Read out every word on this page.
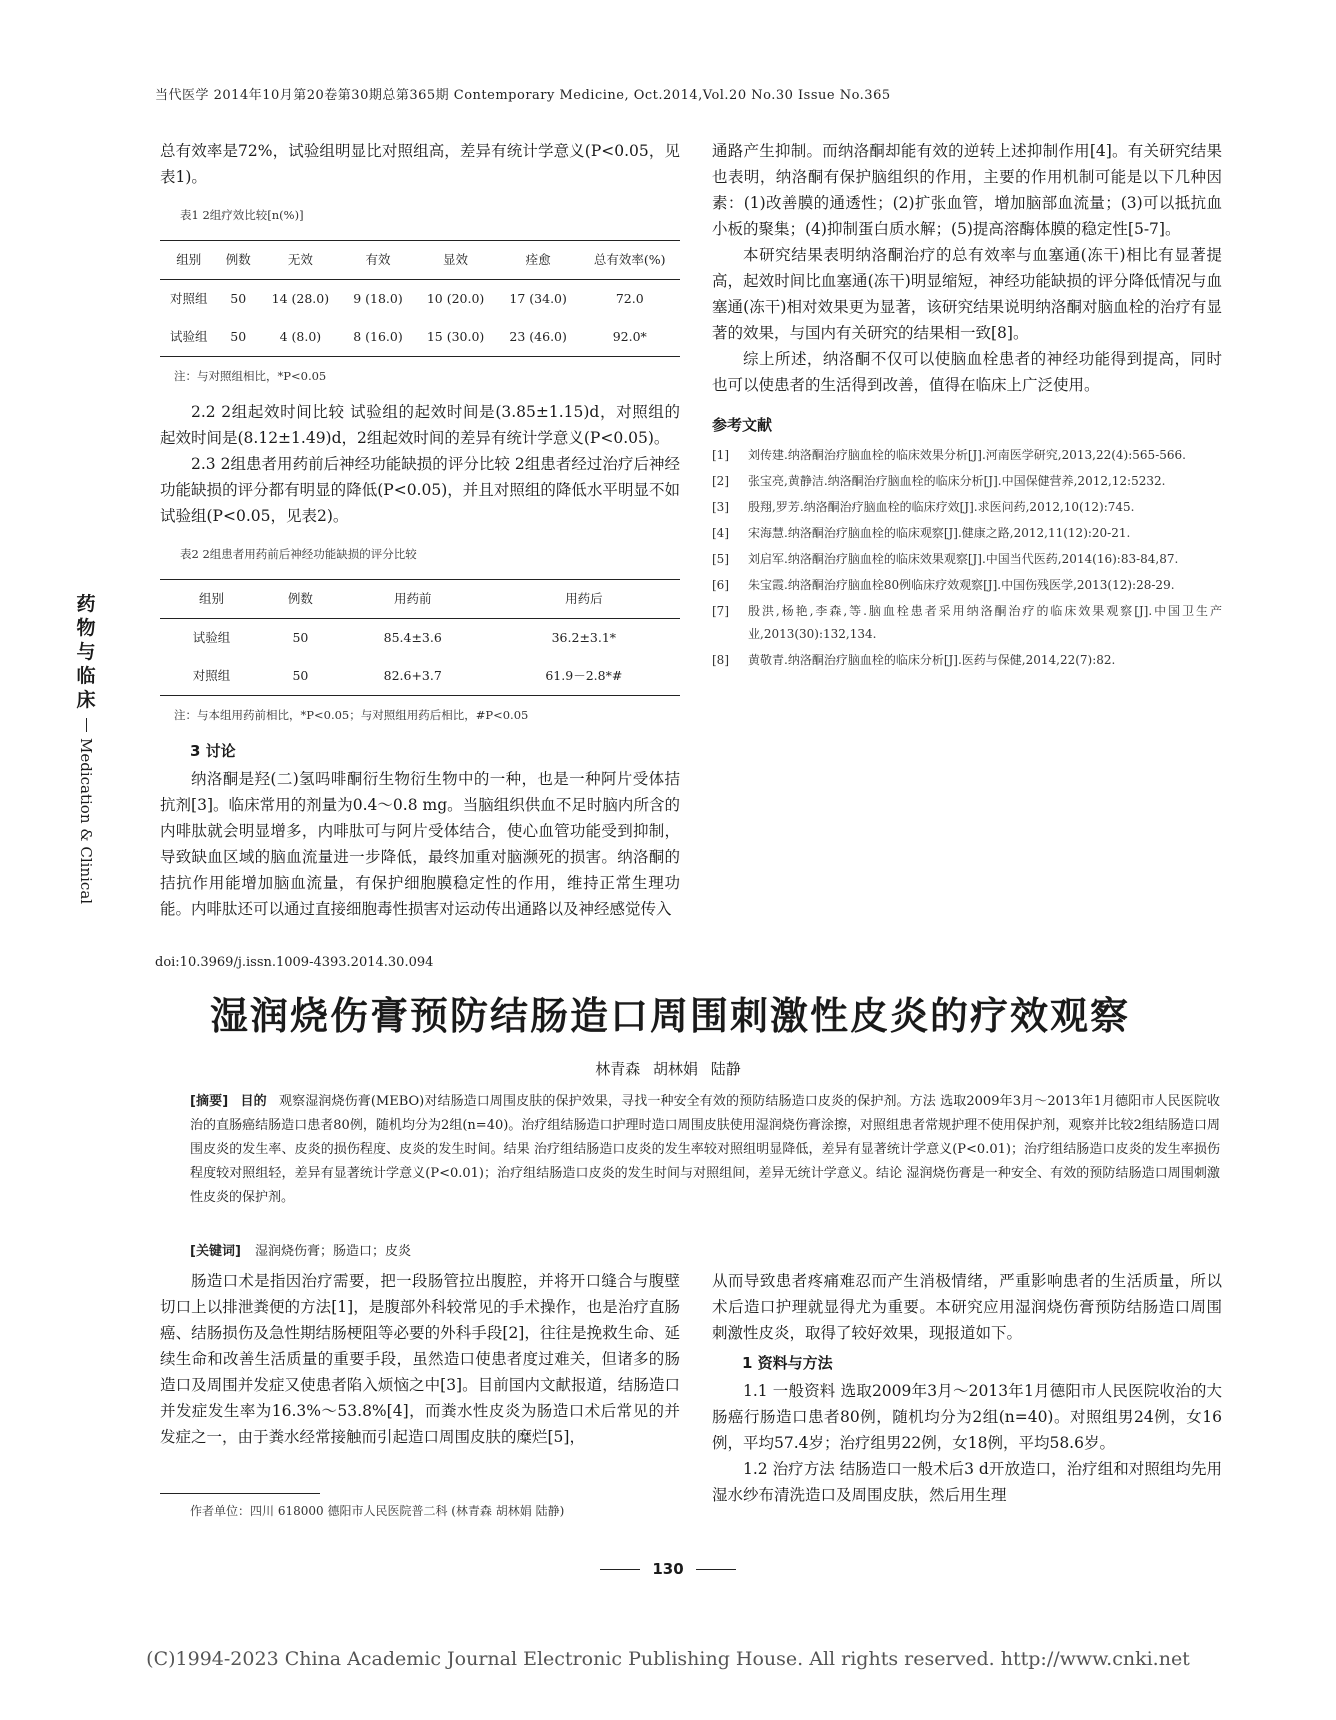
当代医学 2014年10月第20卷第30期总第365期 Contemporary Medicine, Oct.2014,Vol.20 No.30 Issue No.365

总有效率是72%，试验组明显比对照组高，差异有统计学意义(P<0.05，见表1)。

表1 2组疗效比较[n(%)]
组别	例数	无效	有效	显效	痊愈	总有效率(%)
对照组	50	14 (28.0)	9 (18.0)	10 (20.0)	17 (34.0)	72.0
试验组	50	4 (8.0)	8 (16.0)	15 (30.0)	23 (46.0)	92.0*
注：与对照组相比，*P<0.05

2.2 2组起效时间比较 试验组的起效时间是(3.85±1.15)d，对照组的起效时间是(8.12±1.49)d，2组起效时间的差异有统计学意义(P<0.05)。

2.3 2组患者用药前后神经功能缺损的评分比较 2组患者经过治疗后神经功能缺损的评分都有明显的降低(P<0.05)，并且对照组的降低水平明显不如试验组(P<0.05，见表2)。

表2 2组患者用药前后神经功能缺损的评分比较
组别	例数	用药前	用药后
试验组	50	85.4±3.6	36.2±3.1*
对照组	50	82.6+3.7	61.9－2.8*#
注：与本组用药前相比，*P<0.05；与对照组用药后相比，#P<0.05
3 讨论

纳洛酮是羟(二)氢吗啡酮衍生物衍生物中的一种，也是一种阿片受体拮抗剂[3]。临床常用的剂量为0.4～0.8 mg。当脑组织供血不足时脑内所含的内啡肽就会明显增多，内啡肽可与阿片受体结合，使心血管功能受到抑制，导致缺血区域的脑血流量进一步降低，最终加重对脑濒死的损害。纳洛酮的拮抗作用能增加脑血流量，有保护细胞膜稳定性的作用，维持正常生理功能。内啡肽还可以通过直接细胞毒性损害对运动传出通路以及神经感觉传入

通路产生抑制。而纳洛酮却能有效的逆转上述抑制作用[4]。有关研究结果也表明，纳洛酮有保护脑组织的作用，主要的作用机制可能是以下几种因素：(1)改善膜的通透性；(2)扩张血管，增加脑部血流量；(3)可以抵抗血小板的聚集；(4)抑制蛋白质水解；(5)提高溶酶体膜的稳定性[5-7]。

本研究结果表明纳洛酮治疗的总有效率与血塞通(冻干)相比有显著提高，起效时间比血塞通(冻干)明显缩短，神经功能缺损的评分降低情况与血塞通(冻干)相对效果更为显著，该研究结果说明纳洛酮对脑血栓的治疗有显著的效果，与国内有关研究的结果相一致[8]。

综上所述，纳洛酮不仅可以使脑血栓患者的神经功能得到提高，同时也可以使患者的生活得到改善，值得在临床上广泛使用。

参考文献
[1]	刘传建.纳洛酮治疗脑血栓的临床效果分析[J].河南医学研究,2013,22(4):565-566.
[2]	张宝亮,黄静洁.纳洛酮治疗脑血栓的临床分析[J].中国保健营养,2012,12:5232.
[3]	殷翔,罗芳.纳洛酮治疗脑血栓的临床疗效[J].求医问药,2012,10(12):745.
[4]	宋海慧.纳洛酮治疗脑血栓的临床观察[J].健康之路,2012,11(12):20-21.
[5]	刘启军.纳洛酮治疗脑血栓的临床效果观察[J].中国当代医药,2014(16):83-84,87.
[6]	朱宝霞.纳洛酮治疗脑血栓80例临床疗效观察[J].中国伤残医学,2013(12):28-29.
[7]	殷洪,杨艳,李森,等.脑血栓患者采用纳洛酮治疗的临床效果观察[J].中国卫生产业,2013(30):132,134.
[8]	黄敬青.纳洛酮治疗脑血栓的临床分析[J].医药与保健,2014,22(7):82.
药物与临床
Medication & Clinical
doi:10.3969/j.issn.1009-4393.2014.30.094
湿润烧伤膏预防结肠造口周围刺激性皮炎的疗效观察
林青森 胡林娟 陆静
[摘要] 目的 观察湿润烧伤膏(MEBO)对结肠造口周围皮肤的保护效果，寻找一种安全有效的预防结肠造口皮炎的保护剂。方法 选取2009年3月～2013年1月德阳市人民医院收治的直肠癌结肠造口患者80例，随机均分为2组(n=40)。治疗组结肠造口护理时造口周围皮肤使用湿润烧伤膏涂擦，对照组患者常规护理不使用保护剂，观察并比较2组结肠造口周围皮炎的发生率、皮炎的损伤程度、皮炎的发生时间。结果 治疗组结肠造口皮炎的发生率较对照组明显降低，差异有显著统计学意义(P<0.01)；治疗组结肠造口皮炎的发生率损伤程度较对照组轻，差异有显著统计学意义(P<0.01)；治疗组结肠造口皮炎的发生时间与对照组间，差异无统计学意义。结论 湿润烧伤膏是一种安全、有效的预防结肠造口周围刺激性皮炎的保护剂。
[关键词] 湿润烧伤膏；肠造口；皮炎

肠造口术是指因治疗需要，把一段肠管拉出腹腔，并将开口缝合与腹壁切口上以排泄粪便的方法[1]，是腹部外科较常见的手术操作，也是治疗直肠癌、结肠损伤及急性期结肠梗阻等必要的外科手段[2]，往往是挽救生命、延续生命和改善生活质量的重要手段，虽然造口使患者度过难关，但诸多的肠造口及周围并发症又使患者陷入烦恼之中[3]。目前国内文献报道，结肠造口并发症发生率为16.3%～53.8%[4]，而粪水性皮炎为肠造口术后常见的并发症之一，由于粪水经常接触而引起造口周围皮肤的糜烂[5]，

从而导致患者疼痛难忍而产生消极情绪，严重影响患者的生活质量，所以术后造口护理就显得尤为重要。本研究应用湿润烧伤膏预防结肠造口周围刺激性皮炎，取得了较好效果，现报道如下。

1 资料与方法

1.1 一般资料 选取2009年3月～2013年1月德阳市人民医院收治的大肠癌行肠造口患者80例，随机均分为2组(n=40)。对照组男24例，女16例，平均57.4岁；治疗组男22例，女18例，平均58.6岁。

1.2 治疗方法 结肠造口一般术后3 d开放造口，治疗组和对照组均先用湿水纱布清洗造口及周围皮肤，然后用生理

作者单位：四川 618000 德阳市人民医院普二科 (林青森 胡林娟 陆静)
130
(C)1994-2023 China Academic Journal Electronic Publishing House. All rights reserved. http://www.cnki.net
